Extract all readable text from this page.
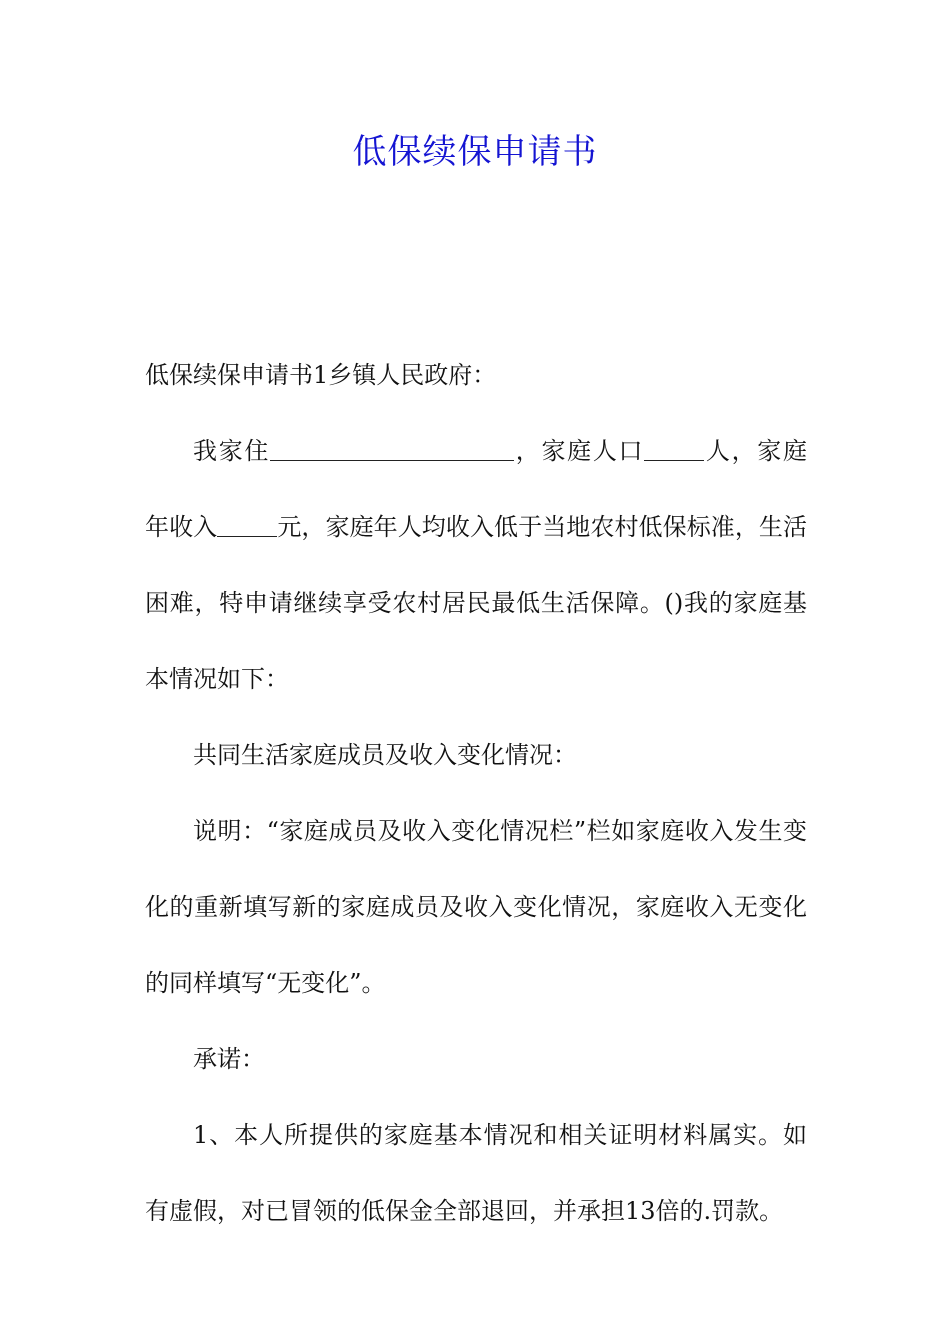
低保续保申请书

低保续保申请书1乡镇人民政府：

我家住	，家庭人口	人，家庭年收入	元，家庭年人均收入低于当地农村低保标准，生活困难，特申请继续享受农村居民最低生活保障。()我的家庭基本情况如下：

共同生活家庭成员及收入变化情况：

说明：“家庭成员及收入变化情况栏”栏如家庭收入发生变化的重新填写新的家庭成员及收入变化情况，家庭收入无变化的同样填写“无变化”。

承诺：

1、本人所提供的家庭基本情况和相关证明材料属实。如有虚假，对已冒领的低保金全部退回，并承担13倍的.罚款。
